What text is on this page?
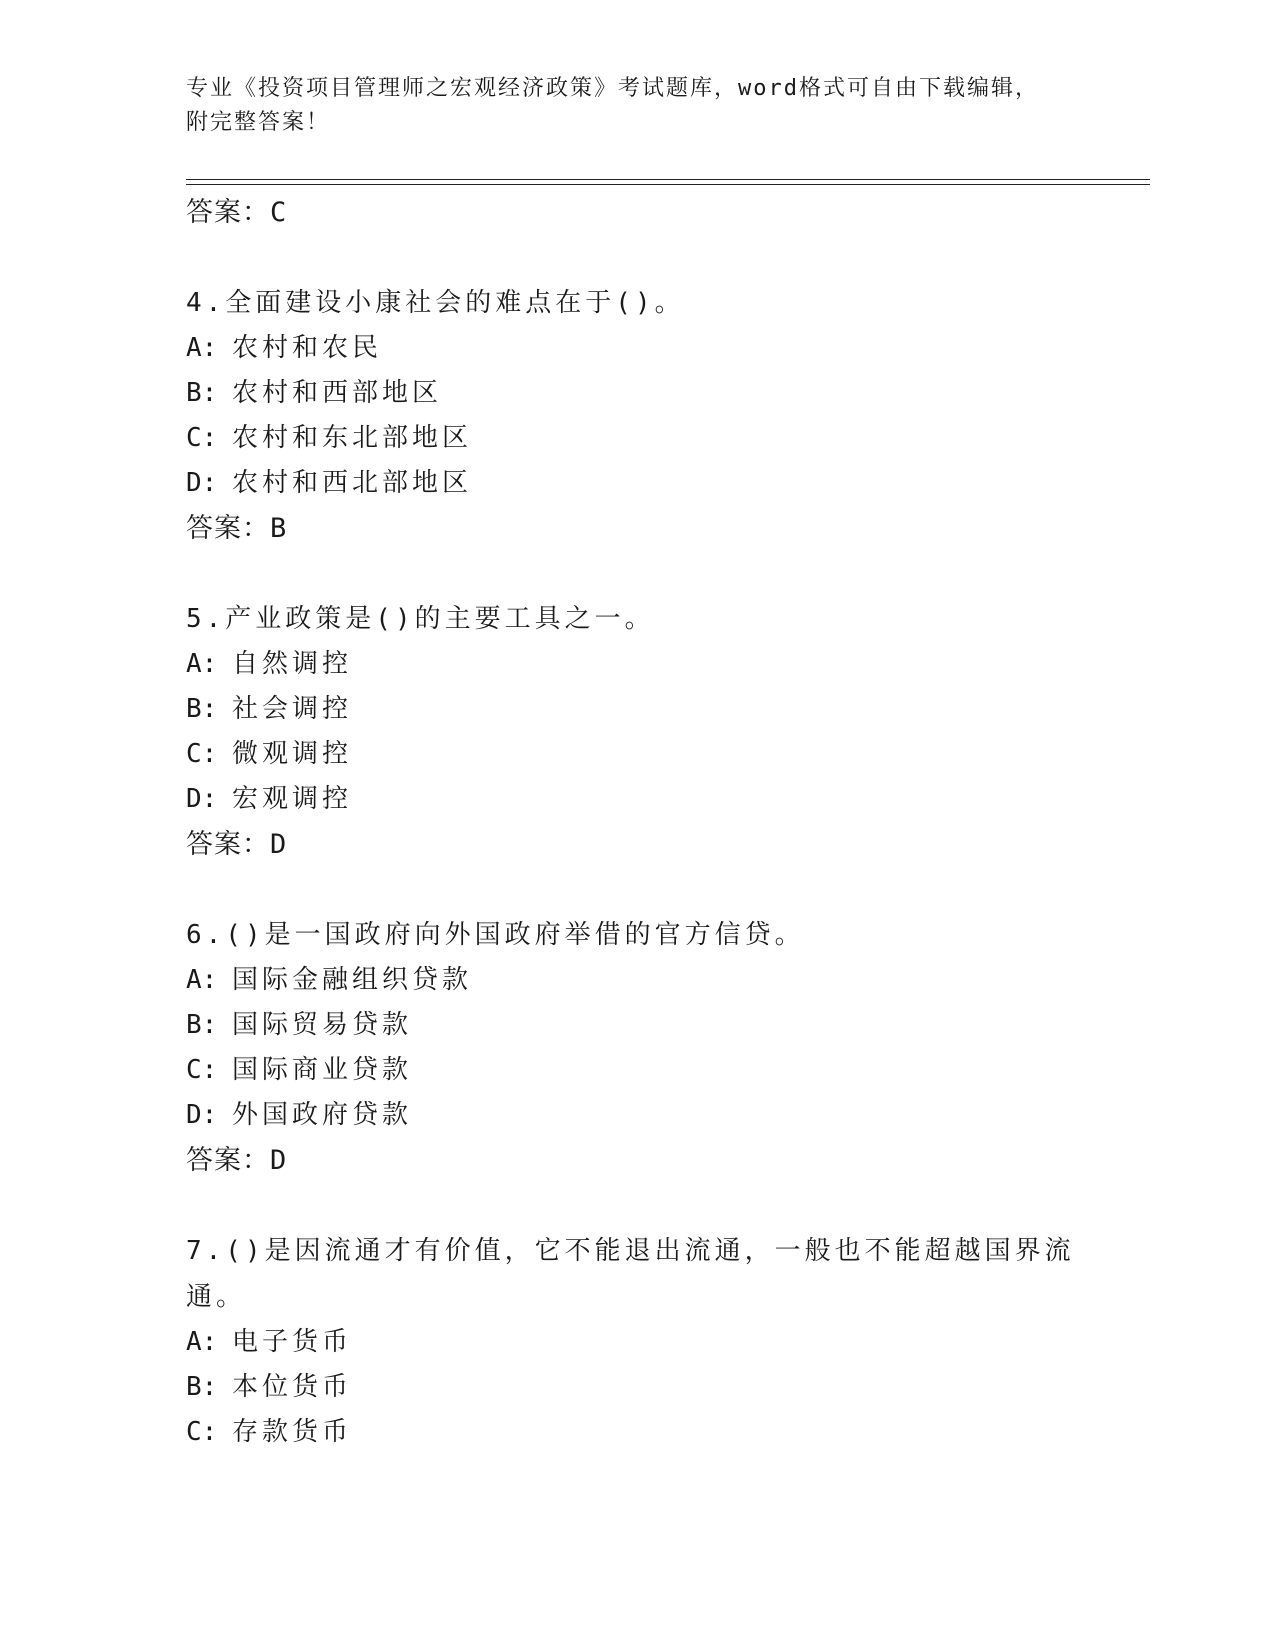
专业《投资项目管理师之宏观经济政策》考试题库，word格式可自由下载编辑，
附完整答案！
答案：C
4.全面建设小康社会的难点在于()。
A: 农村和农民
B: 农村和西部地区
C: 农村和东北部地区
D: 农村和西北部地区
答案：B
5.产业政策是()的主要工具之一。
A: 自然调控
B: 社会调控
C: 微观调控
D: 宏观调控
答案：D
6.()是一国政府向外国政府举借的官方信贷。
A: 国际金融组织贷款
B: 国际贸易贷款
C: 国际商业贷款
D: 外国政府贷款
答案：D
7.()是因流通才有价值，它不能退出流通，一般也不能超越国界流通。
A: 电子货币
B: 本位货币
C: 存款货币
